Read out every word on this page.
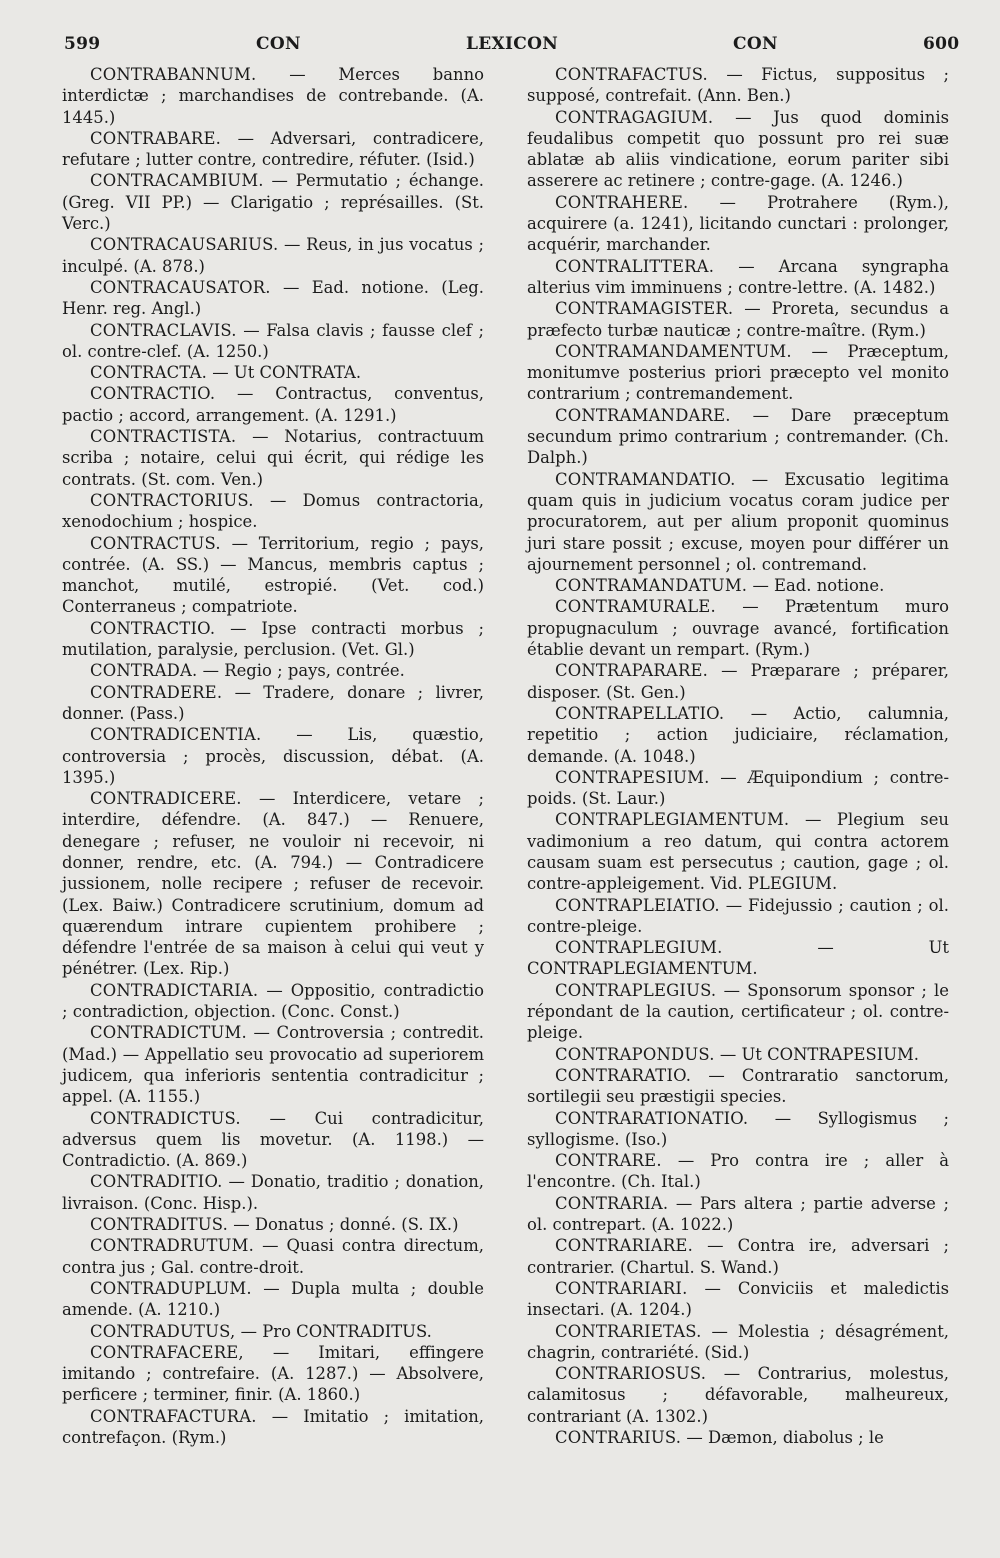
599	CON	LEXICON	CON	600

CONTRABANNUM. — Merces banno interdictæ ; marchandises de contrebande. (A. 1445.)

CONTRABARE. — Adversari, contradicere, refutare ; lutter contre, contredire, réfuter. (Isid.)

CONTRACAMBIUM. — Permutatio ; échange. (Greg. VII PP.) — Clarigatio ; représailles. (St. Verc.)

CONTRACAUSARIUS. — Reus, in jus vocatus ; inculpé. (A. 878.)

CONTRACAUSATOR. — Ead. notione. (Leg. Henr. reg. Angl.)

CONTRACLAVIS. — Falsa clavis ; fausse clef ; ol. contre-clef. (A. 1250.)

CONTRACTA. — Ut CONTRATA.

CONTRACTIO. — Contractus, conventus, pactio ; accord, arrangement. (A. 1291.)

CONTRACTISTA. — Notarius, contractuum scriba ; notaire, celui qui écrit, qui rédige les contrats. (St. com. Ven.)

CONTRACTORIUS. — Domus contractoria, xenodochium ; hospice.

CONTRACTUS. — Territorium, regio ; pays, contrée. (A. SS.) — Mancus, membris captus ; manchot, mutilé, estropié. (Vet. cod.) Conterraneus ; compatriote.

CONTRACTIO. — Ipse contracti morbus ; mutilation, paralysie, perclusion. (Vet. Gl.)

CONTRADA. — Regio ; pays, contrée.

CONTRADERE. — Tradere, donare ; livrer, donner. (Pass.)

CONTRADICENTIA. — Lis, quæstio, controversia ; procès, discussion, débat. (A. 1395.)

CONTRADICERE. — Interdicere, vetare ; interdire, défendre. (A. 847.) — Renuere, denegare ; refuser, ne vouloir ni recevoir, ni donner, rendre, etc. (A. 794.) — Contradicere jussionem, nolle recipere ; refuser de recevoir. (Lex. Baiw.) Contradicere scrutinium, domum ad quærendum intrare cupientem prohibere ; défendre l'entrée de sa maison à celui qui veut y pénétrer. (Lex. Rip.)

CONTRADICTARIA. — Oppositio, contradictio ; contradiction, objection. (Conc. Const.)

CONTRADICTUM. — Controversia ; contredit. (Mad.) — Appellatio seu provocatio ad superiorem judicem, qua inferioris sententia contradicitur ; appel. (A. 1155.)

CONTRADICTUS. — Cui contradicitur, adversus quem lis movetur. (A. 1198.) — Contradictio. (A. 869.)

CONTRADITIO. — Donatio, traditio ; donation, livraison. (Conc. Hisp.).

CONTRADITUS. — Donatus ; donné. (S. IX.)

CONTRADRUTUM. — Quasi contra directum, contra jus ; Gal. contre-droit.

CONTRADUPLUM. — Dupla multa ; double amende. (A. 1210.)

CONTRADUTUS, — Pro CONTRADITUS.

CONTRAFACERE, — Imitari, effingere imitando ; contrefaire. (A. 1287.) — Absolvere, perficere ; terminer, finir. (A. 1860.)

CONTRAFACTURA. — Imitatio ; imitation, contrefaçon. (Rym.)

CONTRAFACTUS. — Fictus, suppositus ; supposé, contrefait. (Ann. Ben.)

CONTRAGAGIUM. — Jus quod dominis feudalibus competit quo possunt pro rei suæ ablatæ ab aliis vindicatione, eorum pariter sibi asserere ac retinere ; contre-gage. (A. 1246.)

CONTRAHERE. — Protrahere (Rym.), acquirere (a. 1241), licitando cunctari : prolonger, acquérir, marchander.

CONTRALITTERA. — Arcana syngrapha alterius vim imminuens ; contre-lettre. (A. 1482.)

CONTRAMAGISTER. — Proreta, secundus a præfecto turbæ nauticæ ; contre-maître. (Rym.)

CONTRAMANDAMENTUM. — Præceptum, monitumve posterius priori præcepto vel monito contrarium ; contremandement.

CONTRAMANDARE. — Dare præceptum secundum primo contrarium ; contremander. (Ch. Dalph.)

CONTRAMANDATIO. — Excusatio legitima quam quis in judicium vocatus coram judice per procuratorem, aut per alium proponit quominus juri stare possit ; excuse, moyen pour différer un ajournement personnel ; ol. contremand.

CONTRAMANDATUM. — Ead. notione.

CONTRAMURALE. — Prætentum muro propugnaculum ; ouvrage avancé, fortification établie devant un rempart. (Rym.)

CONTRAPARARE. — Præparare ; préparer, disposer. (St. Gen.)

CONTRAPELLATIO. — Actio, calumnia, repetitio ; action judiciaire, réclamation, demande. (A. 1048.)

CONTRAPESIUM. — Æquipondium ; contre-poids. (St. Laur.)

CONTRAPLEGIAMENTUM. — Plegium seu vadimonium a reo datum, qui contra actorem causam suam est persecutus ; caution, gage ; ol. contre-appleigement. Vid. PLEGIUM.

CONTRAPLEIATIO. — Fidejussio ; caution ; ol. contre-pleige.

CONTRAPLEGIUM.	— Ut CONTRAPLEGIAMENTUM.

CONTRAPLEGIUS. — Sponsorum sponsor ; le répondant de la caution, certificateur ; ol. contre-pleige.

CONTRAPONDUS. — Ut CONTRAPESIUM.

CONTRARATIO. — Contraratio sanctorum, sortilegii seu præstigii species.

CONTRARATIONATIO. — Syllogismus ; syllogisme. (Iso.)

CONTRARE. — Pro contra ire ; aller à l'encontre. (Ch. Ital.)

CONTRARIA. — Pars altera ; partie adverse ; ol. contrepart. (A. 1022.)

CONTRARIARE. — Contra ire, adversari ; contrarier. (Chartul. S. Wand.)

CONTRARIARI. — Conviciis et maledictis insectari. (A. 1204.)

CONTRARIETAS. — Molestia ; désagrément, chagrin, contrariété. (Sid.)

CONTRARIOSUS. — Contrarius, molestus, calamitosus ; défavorable, malheureux, contrariant (A. 1302.)

CONTRARIUS. — Dæmon, diabolus ; le
